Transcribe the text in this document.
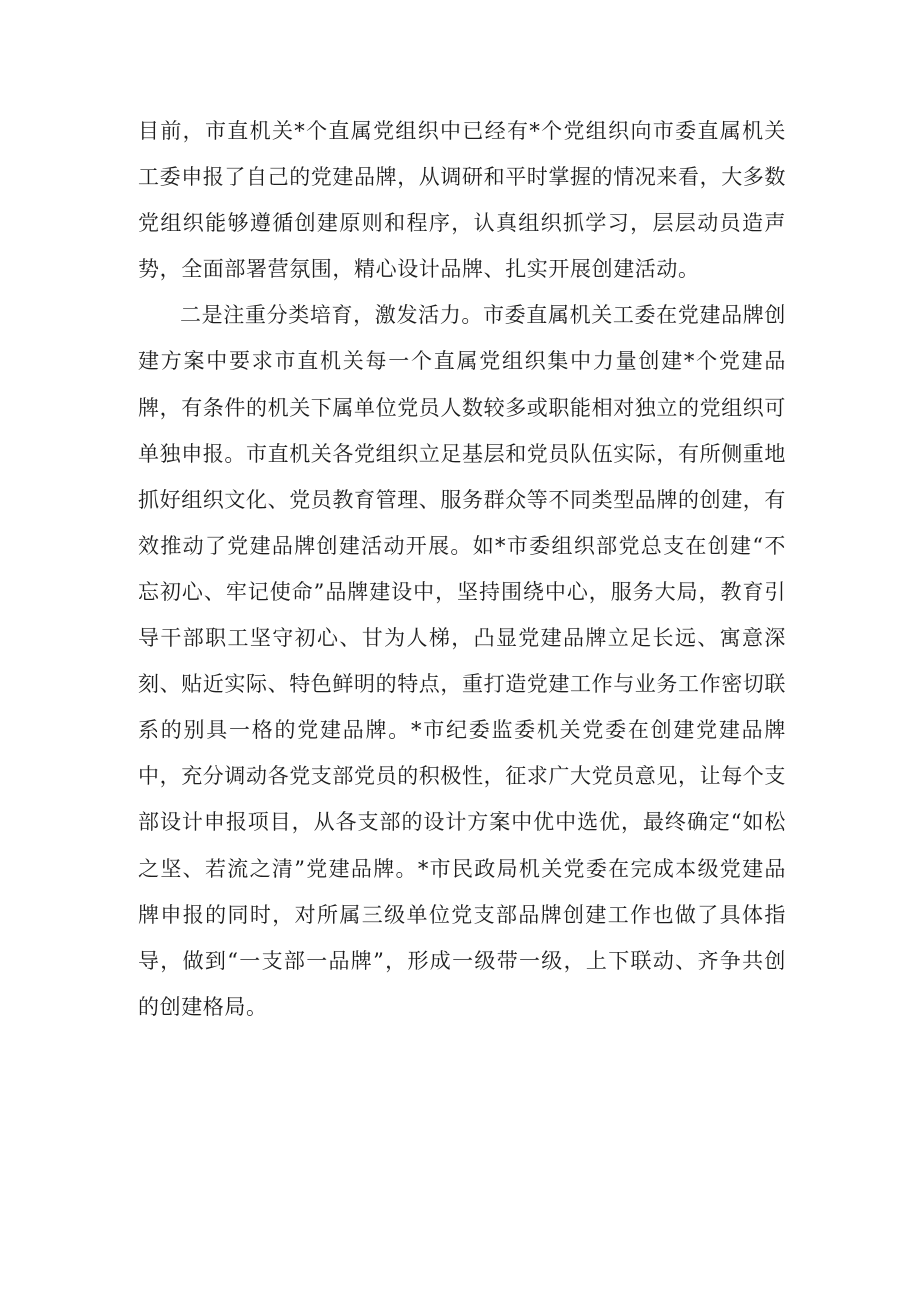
目前，市直机关*个直属党组织中已经有*个党组织向市委直属机关工委申报了自己的党建品牌，从调研和平时掌握的情况来看，大多数党组织能够遵循创建原则和程序，认真组织抓学习，层层动员造声势，全面部署营氛围，精心设计品牌、扎实开展创建活动。

二是注重分类培育，激发活力。市委直属机关工委在党建品牌创建方案中要求市直机关每一个直属党组织集中力量创建*个党建品牌，有条件的机关下属单位党员人数较多或职能相对独立的党组织可单独申报。市直机关各党组织立足基层和党员队伍实际，有所侧重地抓好组织文化、党员教育管理、服务群众等不同类型品牌的创建，有效推动了党建品牌创建活动开展。如*市委组织部党总支在创建“不忘初心、牢记使命”品牌建设中，坚持围绕中心，服务大局，教育引导干部职工坚守初心、甘为人梯，凸显党建品牌立足长远、寓意深刻、贴近实际、特色鲜明的特点，重打造党建工作与业务工作密切联系的别具一格的党建品牌。*市纪委监委机关党委在创建党建品牌中，充分调动各党支部党员的积极性，征求广大党员意见，让每个支部设计申报项目，从各支部的设计方案中优中选优，最终确定“如松之坚、若流之清”党建品牌。*市民政局机关党委在完成本级党建品牌申报的同时，对所属三级单位党支部品牌创建工作也做了具体指导，做到“一支部一品牌”，形成一级带一级，上下联动、齐争共创的创建格局。
